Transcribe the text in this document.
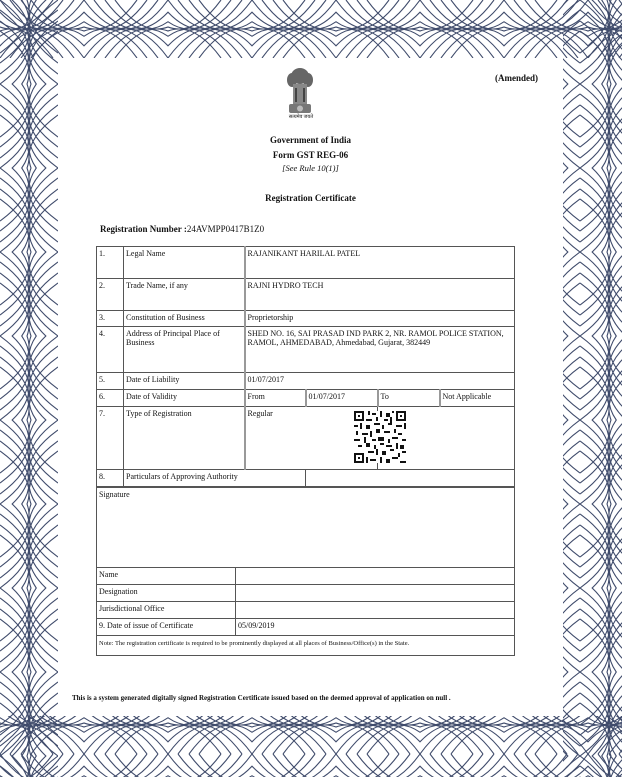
(Amended)
सत्यमेव जयते
Government of India
Form GST REG-06
[See Rule 10(1)]
Registration Certificate
Registration Number :24AVMPP0417B1Z0
1.	Legal Name	RAJANIKANT HARILAL PATEL			
2.	Trade Name, if any	RAJNI HYDRO TECH			
3.	Constitution of Business	Proprietorship			
4.	Address of Principal Place of Business	SHED NO. 16, SAI PRASAD IND PARK 2, NR. RAMOL POLICE STATION, RAMOL, AHMEDABAD, Ahmedabad, Gujarat, 382449			
5.	Date of Liability	01/07/2017			
6.	Date of Validity	From	01/07/2017	To	Not Applicable
7.	Type of Registration	Regular	

8.	Particulars of Approving Authority				
Signature	
Name	
Designation	
Jurisdictional Office	
9. Date of issue of Certificate	05/09/2019
Note: The registration certificate is required to be prominently displayed at all places of Business/Office(s) in the State.	
This is a system generated digitally signed Registration Certificate issued based on the deemed approval of application on null .
